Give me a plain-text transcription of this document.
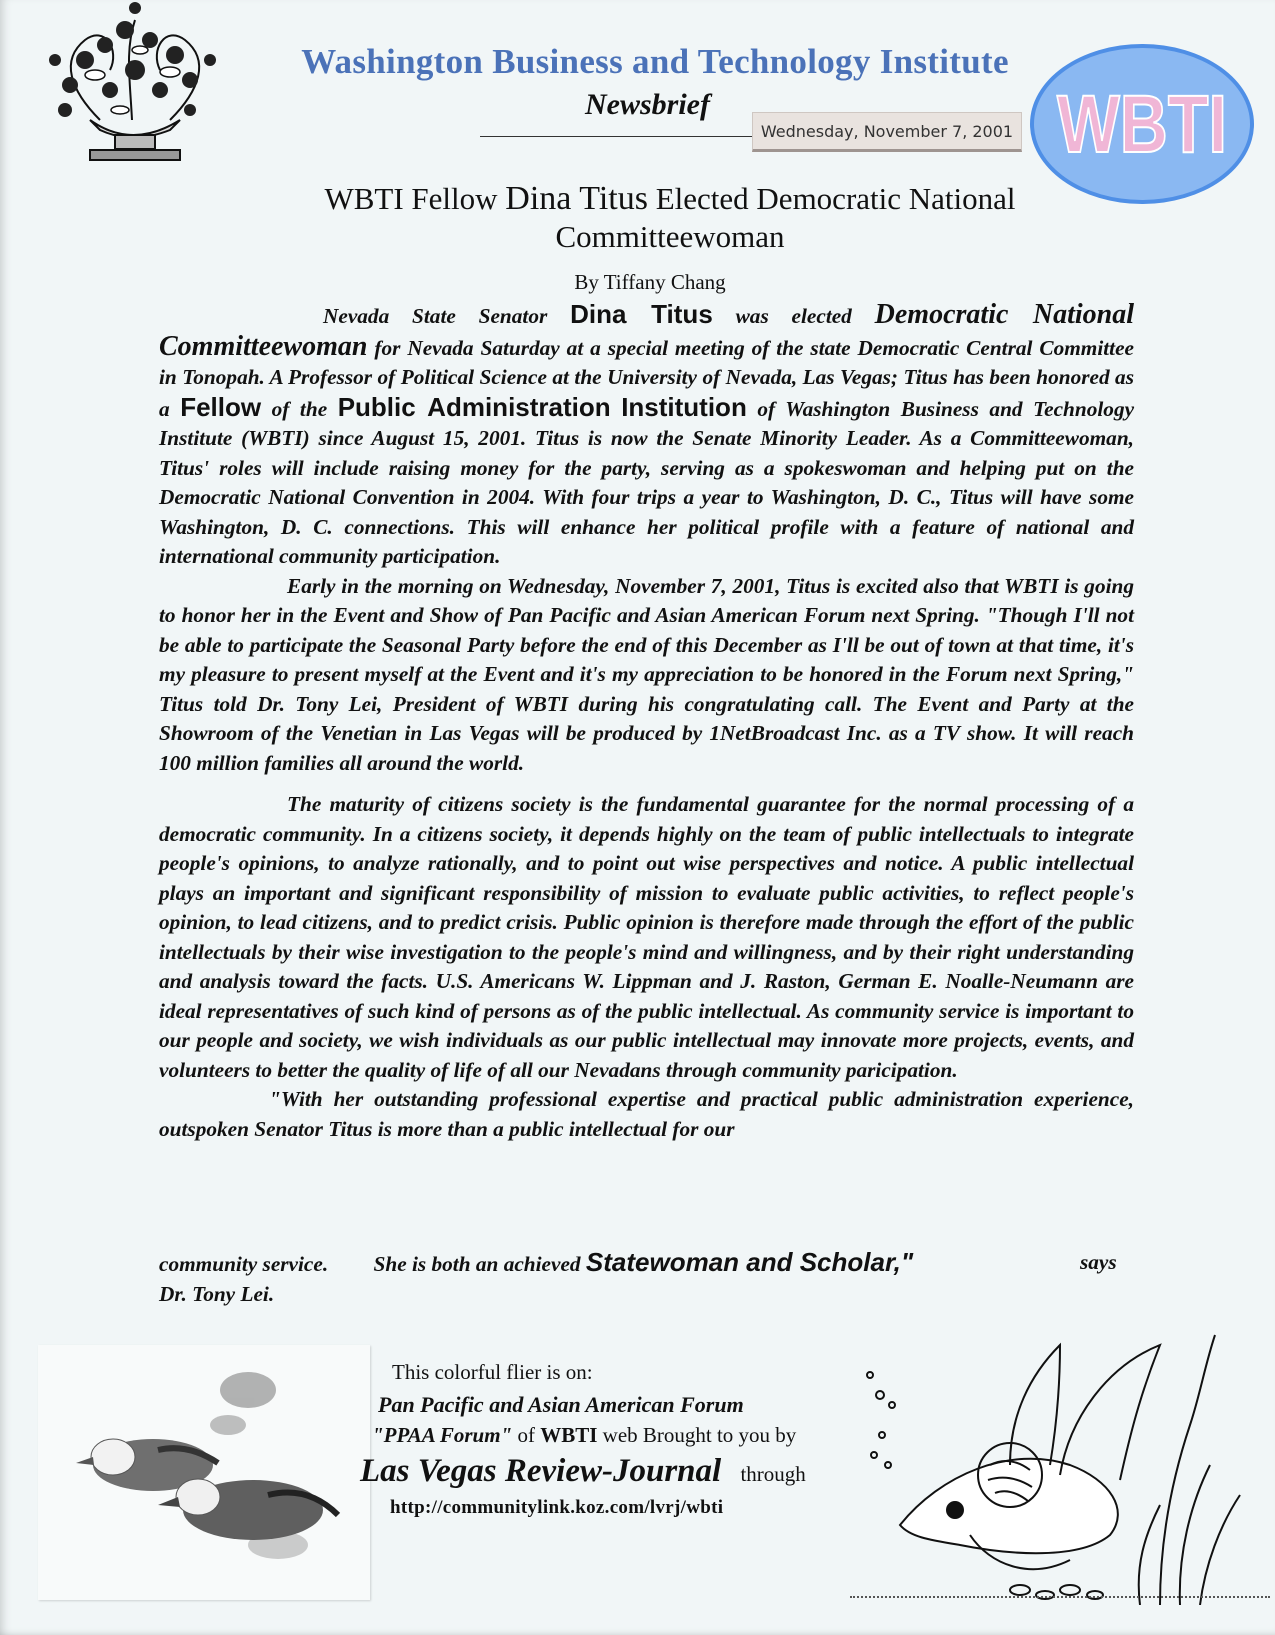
Washington Business and Technology Institute
Newsbrief
Wednesday, November 7, 2001 WBTI
WBTI Fellow Dina Titus Elected Democratic National
Committeewoman
By Tiffany Chang

Nevada State Senator Dina Titus was elected Democratic National Committeewoman for Nevada Saturday at a special meeting of the state Democratic Central Committee in Tonopah. A Professor of Political Science at the University of Nevada, Las Vegas; Titus has been honored as a Fellow of the Public Administration Institution of Washington Business and Technology Institute (WBTI) since August 15, 2001. Titus is now the Senate Minority Leader. As a Committeewoman, Titus' roles will include raising money for the party, serving as a spokeswoman and helping put on the Democratic National Convention in 2004. With four trips a year to Washington, D. C., Titus will have some Washington, D. C. connections. This will enhance her political profile with a feature of national and international community participation.

Early in the morning on Wednesday, November 7, 2001, Titus is excited also that WBTI is going to honor her in the Event and Show of Pan Pacific and Asian American Forum next Spring. "Though I'll not be able to participate the Seasonal Party before the end of this December as I'll be out of town at that time, it's my pleasure to present myself at the Event and it's my appreciation to be honored in the Forum next Spring," Titus told Dr. Tony Lei, President of WBTI during his congratulating call. The Event and Party at the Showroom of the Venetian in Las Vegas will be produced by 1NetBroadcast Inc. as a TV show. It will reach 100 million families all around the world.

The maturity of citizens society is the fundamental guarantee for the normal processing of a democratic community. In a citizens society, it depends highly on the team of public intellectuals to integrate people's opinions, to analyze rationally, and to point out wise perspectives and notice. A public intellectual plays an important and significant responsibility of mission to evaluate public activities, to reflect people's opinion, to lead citizens, and to predict crisis. Public opinion is therefore made through the effort of the public intellectuals by their wise investigation to the people's mind and willingness, and by their right understanding and analysis toward the facts. U.S. Americans W. Lippman and J. Raston, German E. Noalle-Neumann are ideal representatives of such kind of persons as of the public intellectual. As community service is important to our people and society, we wish individuals as our public intellectual may innovate more projects, events, and volunteers to better the quality of life of all our Nevadans through community paricipation.

"With her outstanding professional expertise and practical public administration experience, outspoken Senator Titus is more than a public intellectual for our

community service. She is both an achieved Statewoman and Scholar,"
Dr. Tony Lei.
says
This colorful flier is on:
Pan Pacific and Asian American Forum
"PPAA Forum" of WBTI web Brought to you by
Las Vegas Review-Journal through
http://communitylink.koz.com/lvrj/wbti
